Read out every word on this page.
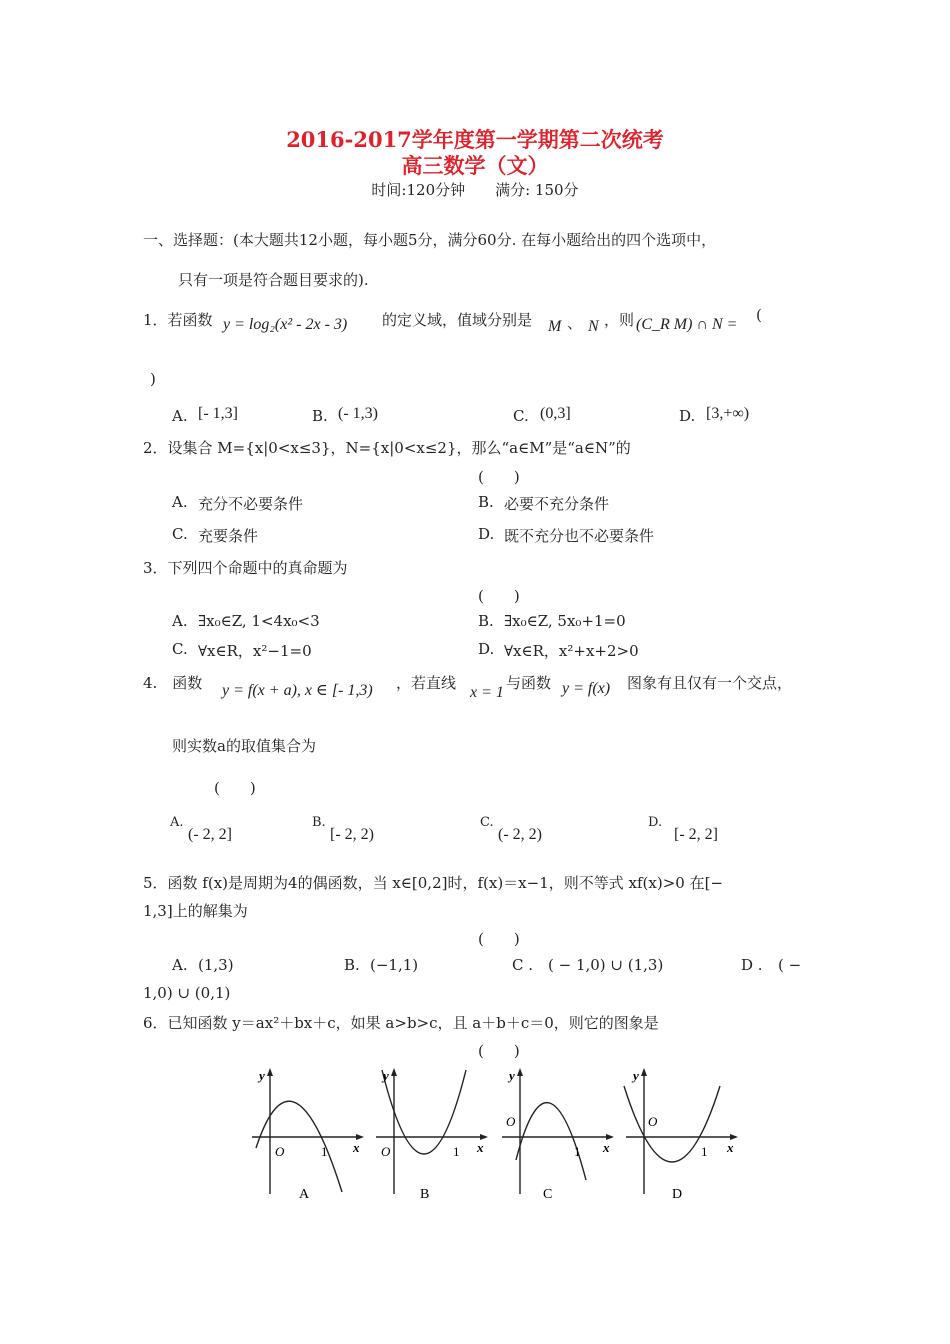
2016-2017学年度第一学期第二次统考
高三数学（文）
时间:120分钟　　满分: 150分
一、选择题：(本大题共12小题，每小题5分，满分60分. 在每小题给出的四个选项中，
只有一项是符合题目要求的).
1．若函数 y = log₂(x² - 2x - 3) 的定义域，值域分别是 M 、 N ，则 (C_R M) ∩ N =
(
)
A. [- 1,3]	B. (- 1,3)	C. (0,3]	D. [3,+∞)
2．设集合 M={x|0<x≤3}，N={x|0<x≤2}，那么“a∈M”是“a∈N”的
(　　)
A. 充分不必要条件	B. 必要不充分条件
C. 充要条件	D. 既不充分也不必要条件
3．下列四个命题中的真命题为
(　　)
A. ∃x₀∈Z, 1<4x₀<3	B. ∃x₀∈Z, 5x₀+1=0
C. ∀x∈R，x²−1=0	D. ∀x∈R，x²+x+2>0
4.　函数 y = f(x + a), x ∈ [- 1,3) ，若直线
x = 1
与函数 y = f(x) 图象有且仅有一个交点，
则实数a的取值集合为
(　　)
A.
(- 2, 2]
B.
[- 2, 2)
C.
(- 2, 2)
D.
[- 2, 2]
5．函数 f(x)是周期为4的偶函数，当 x∈[0,2]时，f(x)＝x−1，则不等式 xf(x)>0 在[−
1,3]上的解集为
(　　)
A. (1,3)	B. (−1,1)	C . ( − 1,0) ∪ (1,3)	D . ( −
1,0) ∪ (0,1)
6．已知函数 y＝ax²＋bx＋c，如果 a>b>c，且 a＋b＋c＝0，则它的图象是
(　　)
y
x
O	1
A
y
x
O	1
B
y
x
O
1
C
y
x
O
1
D
